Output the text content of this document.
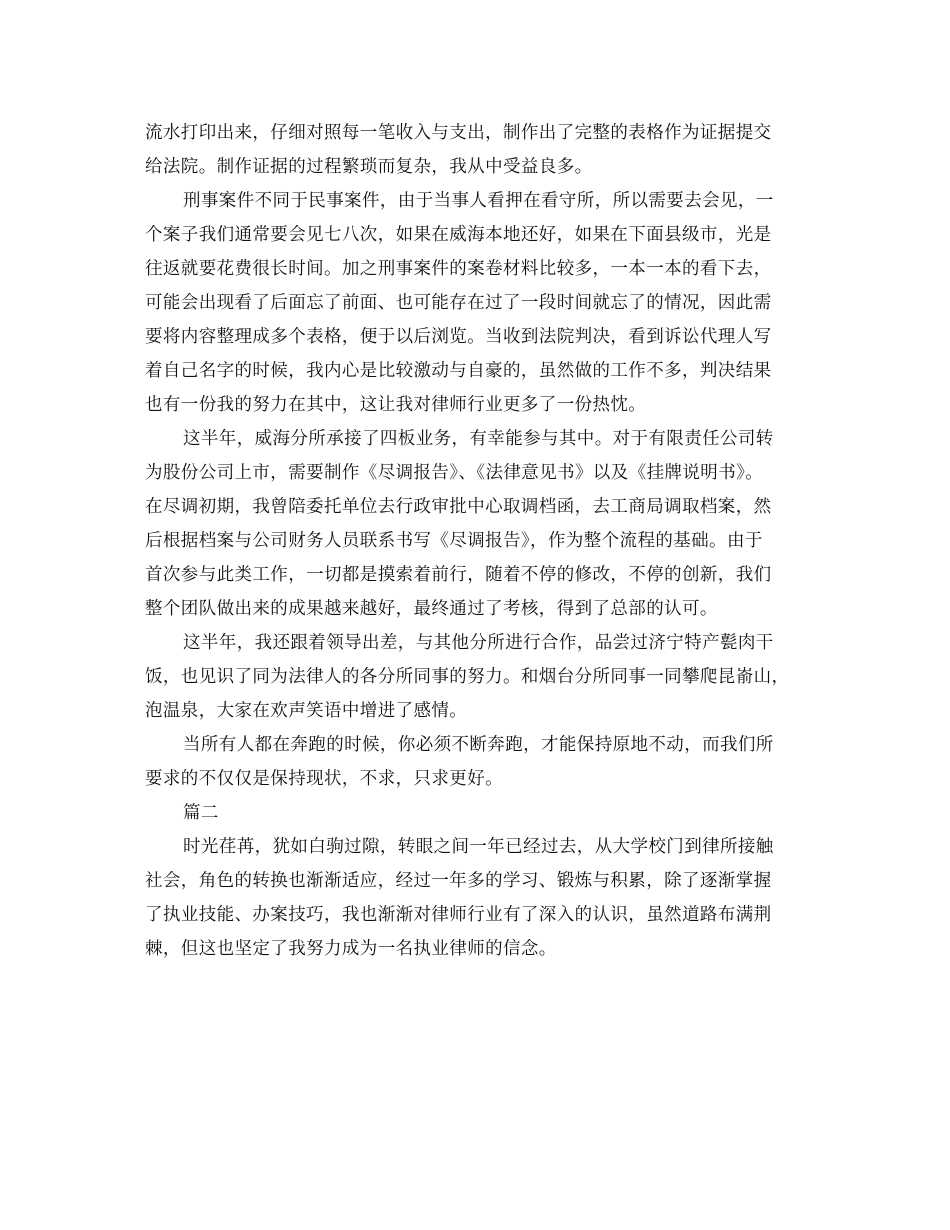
流水打印出来，仔细对照每一笔收入与支出，制作出了完整的表格作为证据提交
给法院。制作证据的过程繁琐而复杂，我从中受益良多。
刑事案件不同于民事案件，由于当事人看押在看守所，所以需要去会见，一
个案子我们通常要会见七八次，如果在威海本地还好，如果在下面县级市，光是
往返就要花费很长时间。加之刑事案件的案卷材料比较多，一本一本的看下去，
可能会出现看了后面忘了前面、也可能存在过了一段时间就忘了的情况，因此需
要将内容整理成多个表格，便于以后浏览。当收到法院判决，看到诉讼代理人写
着自己名字的时候，我内心是比较激动与自豪的，虽然做的工作不多，判决结果
也有一份我的努力在其中，这让我对律师行业更多了一份热忱。
这半年，威海分所承接了四板业务，有幸能参与其中。对于有限责任公司转
为股份公司上市，需要制作《尽调报告》、《法律意见书》以及《挂牌说明书》。
在尽调初期，我曾陪委托单位去行政审批中心取调档函，去工商局调取档案，然
后根据档案与公司财务人员联系书写《尽调报告》，作为整个流程的基础。由于
首次参与此类工作，一切都是摸索着前行，随着不停的修改，不停的创新，我们
整个团队做出来的成果越来越好，最终通过了考核，得到了总部的认可。
这半年，我还跟着领导出差，与其他分所进行合作，品尝过济宁特产甏肉干
饭，也见识了同为法律人的各分所同事的努力。和烟台分所同事一同攀爬昆嵛山，
泡温泉，大家在欢声笑语中增进了感情。
当所有人都在奔跑的时候，你必须不断奔跑，才能保持原地不动，而我们所
要求的不仅仅是保持现状，不求，只求更好。
篇二
时光荏苒，犹如白驹过隙，转眼之间一年已经过去，从大学校门到律所接触
社会，角色的转换也渐渐适应，经过一年多的学习、锻炼与积累，除了逐渐掌握
了执业技能、办案技巧，我也渐渐对律师行业有了深入的认识，虽然道路布满荆
棘，但这也坚定了我努力成为一名执业律师的信念。
